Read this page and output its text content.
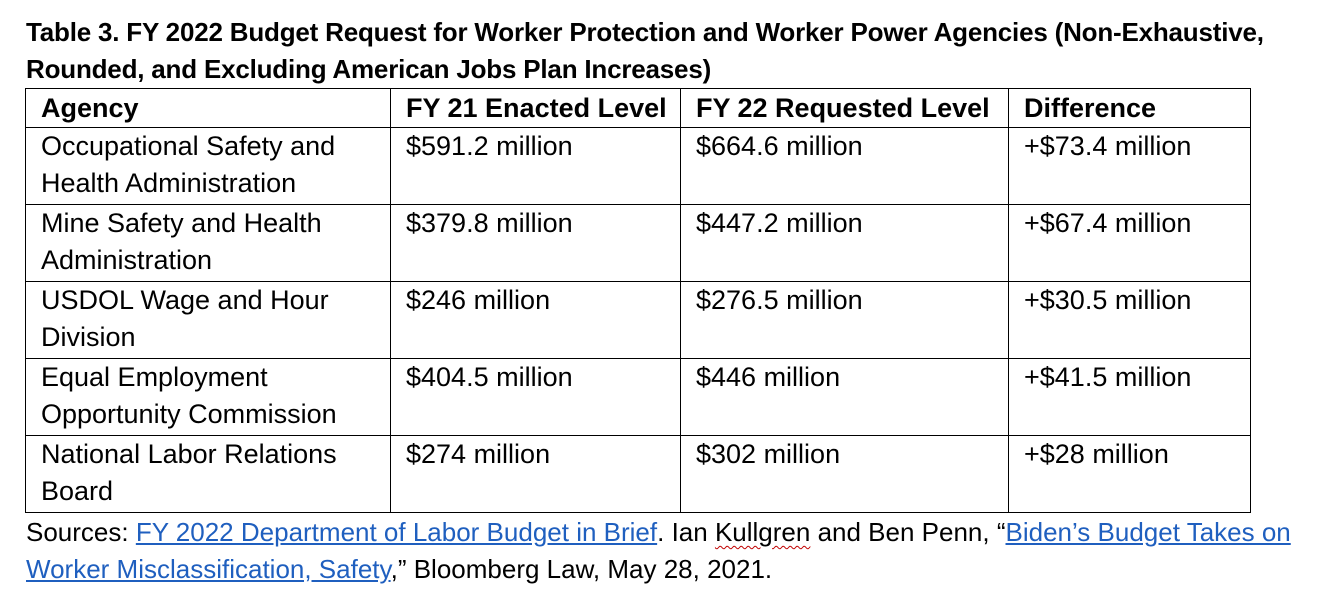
Table 3. FY 2022 Budget Request for Worker Protection and Worker Power Agencies (Non-Exhaustive, Rounded, and Excluding American Jobs Plan Increases)
Agency	FY 21 Enacted Level	FY 22 Requested Level	Difference
Occupational Safety and Health Administration	$591.2 million	$664.6 million	+$73.4 million
Mine Safety and Health Administration	$379.8 million	$447.2 million	+$67.4 million
USDOL Wage and Hour Division	$246 million	$276.5 million	+$30.5 million
Equal Employment Opportunity Commission	$404.5 million	$446 million	+$41.5 million
National Labor Relations Board	$274 million	$302 million	+$28 million
Sources: FY 2022 Department of Labor Budget in Brief. Ian Kullgren and Ben Penn, “Biden’s Budget Takes on Worker Misclassification, Safety,” Bloomberg Law, May 28, 2021.
